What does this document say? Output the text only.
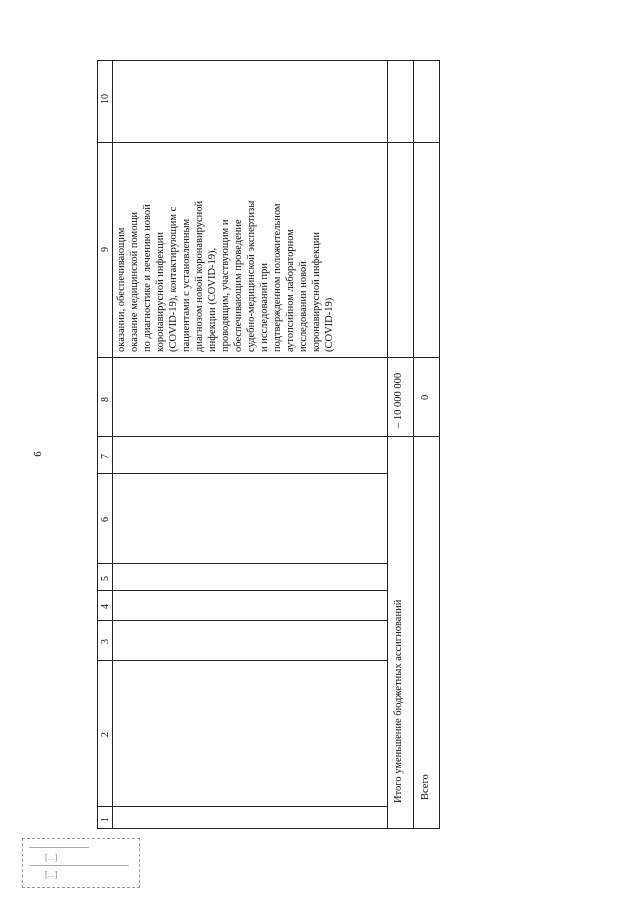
6
10
9
8
7
6
5
4
3
2
1
оказании, обеспечивающим оказание медицинской помощи по диагностике и лечению новой коронавирусной инфекции (COVID-19), контактирующим с пациентами с установленным диагнозом новой коронавирусной инфекции (COVID-19), проводящим, участвующим и обеспечивающим проведение судебно-медицинской экспертизы и исследований при подтвержденном положительном аутопсийном лабораторном исследовании новой коронавирусной инфекции (COVID-19)
Итого уменьшение бюджетных ассигнований
– 10 000 000
Всего
0
[…]
[…]
